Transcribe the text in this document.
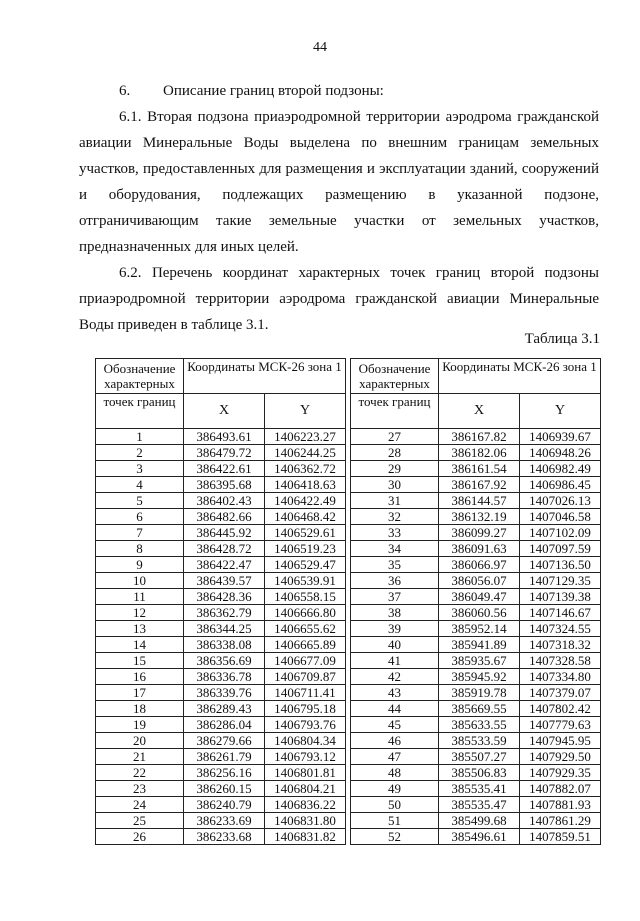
44
6. Описание границ второй подзоны:
6.1. Вторая подзона приаэродромной территории аэродрома гражданской авиации Минеральные Воды выделена по внешним границам земельных участков, предоставленных для размещения и эксплуатации зданий, сооружений и оборудования, подлежащих размещению в указанной подзоне, отграничивающим такие земельные участки от земельных участков, предназначенных для иных целей.
6.2. Перечень координат характерных точек границ второй подзоны приаэродромной территории аэродрома гражданской авиации Минеральные Воды приведен в таблице 3.1.
Таблица 3.1
Обозначение характерных	Координаты МСК-26 зона 1	
точек границ	X	Y
1	386493.61	1406223.27
2	386479.72	1406244.25
3	386422.61	1406362.72
4	386395.68	1406418.63
5	386402.43	1406422.49
6	386482.66	1406468.42
7	386445.92	1406529.61
8	386428.72	1406519.23
9	386422.47	1406529.47
10	386439.57	1406539.91
11	386428.36	1406558.15
12	386362.79	1406666.80
13	386344.25	1406655.62
14	386338.08	1406665.89
15	386356.69	1406677.09
16	386336.78	1406709.87
17	386339.76	1406711.41
18	386289.43	1406795.18
19	386286.04	1406793.76
20	386279.66	1406804.34
21	386261.79	1406793.12
22	386256.16	1406801.81
23	386260.15	1406804.21
24	386240.79	1406836.22
25	386233.69	1406831.80
26	386233.68	1406831.82
Обозначение характерных	Координаты МСК-26 зона 1	
точек границ	X	Y
27	386167.82	1406939.67
28	386182.06	1406948.26
29	386161.54	1406982.49
30	386167.92	1406986.45
31	386144.57	1407026.13
32	386132.19	1407046.58
33	386099.27	1407102.09
34	386091.63	1407097.59
35	386066.97	1407136.50
36	386056.07	1407129.35
37	386049.47	1407139.38
38	386060.56	1407146.67
39	385952.14	1407324.55
40	385941.89	1407318.32
41	385935.67	1407328.58
42	385945.92	1407334.80
43	385919.78	1407379.07
44	385669.55	1407802.42
45	385633.55	1407779.63
46	385533.59	1407945.95
47	385507.27	1407929.50
48	385506.83	1407929.35
49	385535.41	1407882.07
50	385535.47	1407881.93
51	385499.68	1407861.29
52	385496.61	1407859.51
